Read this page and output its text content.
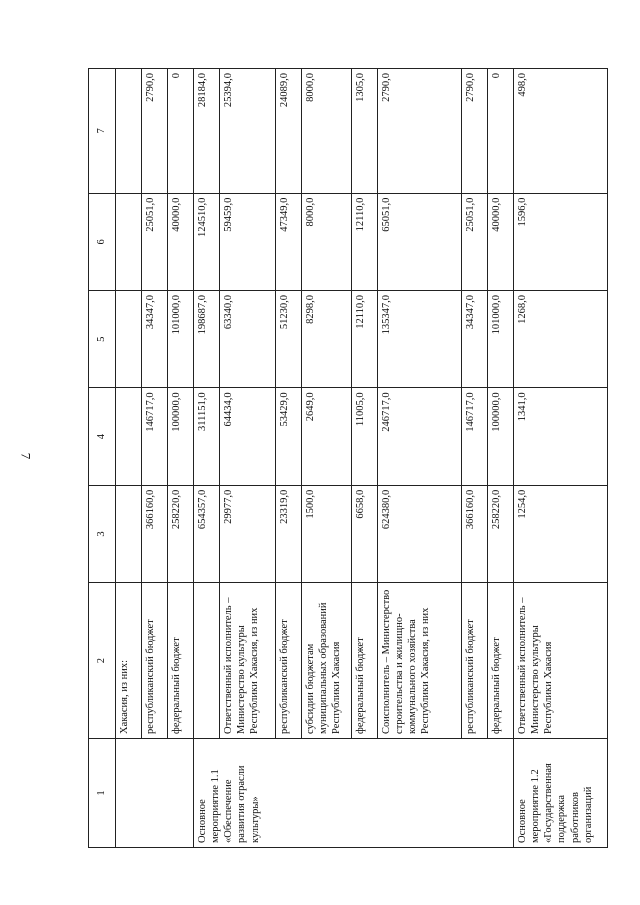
7
1	2	3	4	5	6	7
	Хакасия, из них:					
	республиканский бюджет	366160,0	146717,0	34347,0	25051,0	2790,0
	федеральный бюджет	258220,0	100000,0	101000,0	40000,0	0
Основное мероприятие 1.1 «Обеспечение развития отрасли культуры»		654357,0	311151,0	198687,0	124510,0	28184,0
	Ответственный исполнитель – Министерство культуры Республики Хакасия, из них	29977,0	64434,0	63340,0	59459,0	25394,0
	республиканский бюджет	23319,0	53429,0	51230,0	47349,0	24089,0
	субсидии бюджетам муниципальных образований Республики Хакасия	1500,0	2649,0	8298,0	8000,0	8000,0
	федеральный бюджет	6658,0	11005,0	12110,0	12110,0	1305,0
	Соисполнитель – Министерство строительства и жилищно-коммунального хозяйства Республики Хакасия, из них	624380,0	246717,0	135347,0	65051,0	2790,0
	республиканский бюджет	366160,0	146717,0	34347,0	25051,0	2790,0
	федеральный бюджет	258220,0	100000,0	101000,0	40000,0	0
Основное мероприятие 1.2 «Государственная поддержка работников организаций	Ответственный исполнитель – Министерство культуры Республики Хакасия	1254,0	1341,0	1268,0	1596,0	498,0
